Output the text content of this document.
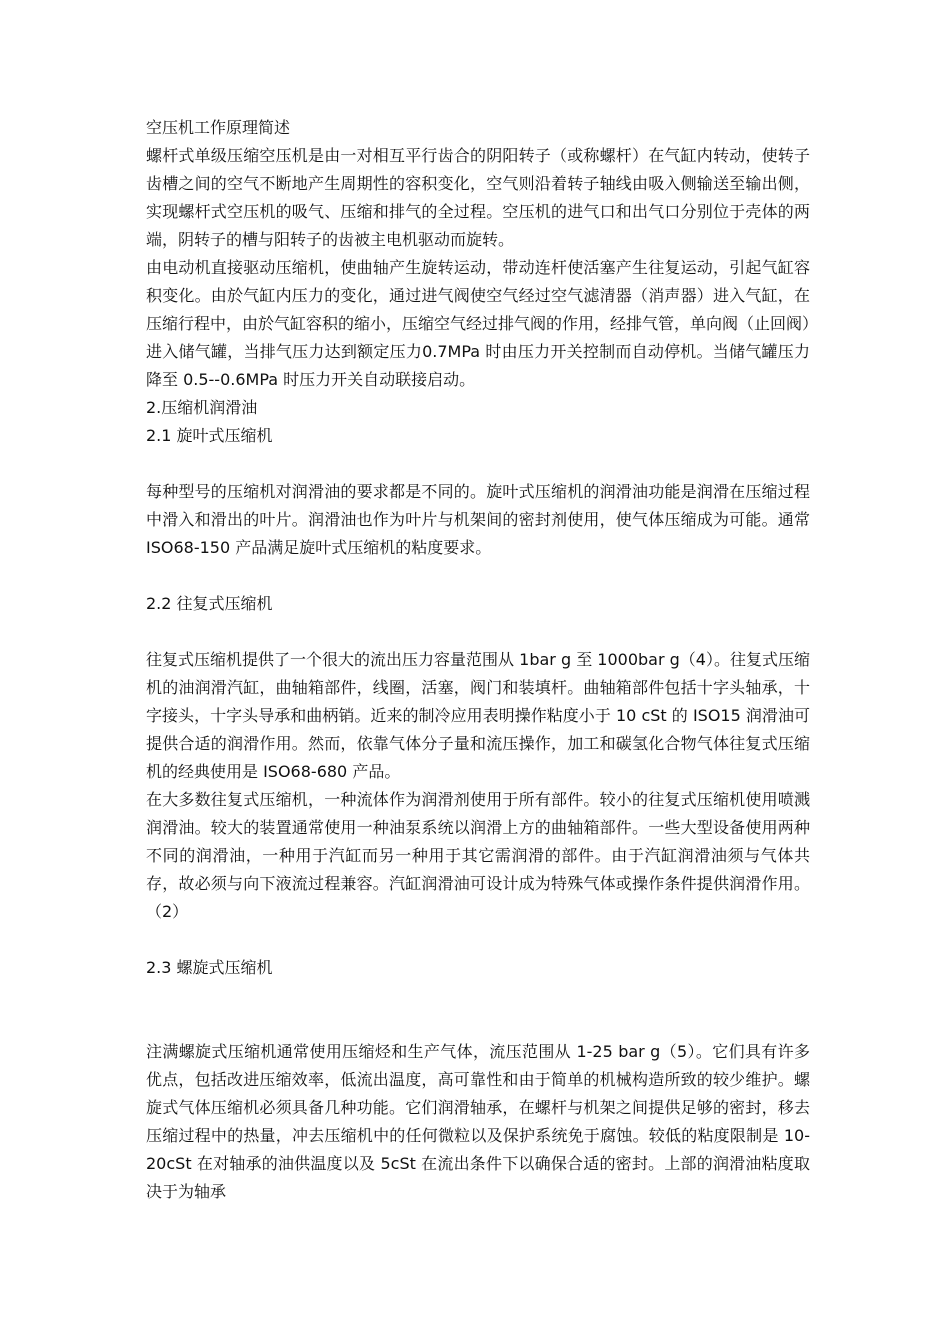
空压机工作原理简述

螺杆式单级压缩空压机是由一对相互平行齿合的阴阳转子（或称螺杆）在气缸内转动，使转子齿槽之间的空气不断地产生周期性的容积变化，空气则沿着转子轴线由吸入侧输送至输出侧，实现螺杆式空压机的吸气、压缩和排气的全过程。空压机的进气口和出气口分别位于壳体的两端，阴转子的槽与阳转子的齿被主电机驱动而旋转。

由电动机直接驱动压缩机，使曲轴产生旋转运动，带动连杆使活塞产生往复运动，引起气缸容积变化。由於气缸内压力的变化，通过进气阀使空气经过空气滤清器（消声器）进入气缸，在压缩行程中，由於气缸容积的缩小，压缩空气经过排气阀的作用，经排气管，单向阀（止回阀）进入储气罐，当排气压力达到额定压力0.7MPa 时由压力开关控制而自动停机。当储气罐压力降至 0.5--0.6MPa 时压力开关自动联接启动。

2.压缩机润滑油

2.1 旋叶式压缩机

每种型号的压缩机对润滑油的要求都是不同的。旋叶式压缩机的润滑油功能是润滑在压缩过程中滑入和滑出的叶片。润滑油也作为叶片与机架间的密封剂使用，使气体压缩成为可能。通常 ISO68-150 产品满足旋叶式压缩机的粘度要求。

2.2 往复式压缩机

往复式压缩机提供了一个很大的流出压力容量范围从 1bar g 至 1000bar g（4）。往复式压缩机的油润滑汽缸，曲轴箱部件，线圈，活塞，阀门和装填杆。曲轴箱部件包括十字头轴承，十字接头，十字头导承和曲柄销。近来的制冷应用表明操作粘度小于 10 cSt 的 ISO15 润滑油可提供合适的润滑作用。然而，依靠气体分子量和流压操作，加工和碳氢化合物气体往复式压缩机的经典使用是 ISO68-680 产品。

在大多数往复式压缩机，一种流体作为润滑剂使用于所有部件。较小的往复式压缩机使用喷溅润滑油。较大的装置通常使用一种油泵系统以润滑上方的曲轴箱部件。一些大型设备使用两种不同的润滑油，一种用于汽缸而另一种用于其它需润滑的部件。由于汽缸润滑油须与气体共存，故必须与向下液流过程兼容。汽缸润滑油可设计成为特殊气体或操作条件提供润滑作用。（2）

2.3 螺旋式压缩机

注满螺旋式压缩机通常使用压缩烃和生产气体，流压范围从 1-25 bar g（5）。它们具有许多优点，包括改进压缩效率，低流出温度，高可靠性和由于简单的机械构造所致的较少维护。螺旋式气体压缩机必须具备几种功能。它们润滑轴承，在螺杆与机架之间提供足够的密封，移去压缩过程中的热量，冲去压缩机中的任何微粒以及保护系统免于腐蚀。较低的粘度限制是 10-20cSt 在对轴承的油供温度以及 5cSt 在流出条件下以确保合适的密封。上部的润滑油粘度取决于为轴承
